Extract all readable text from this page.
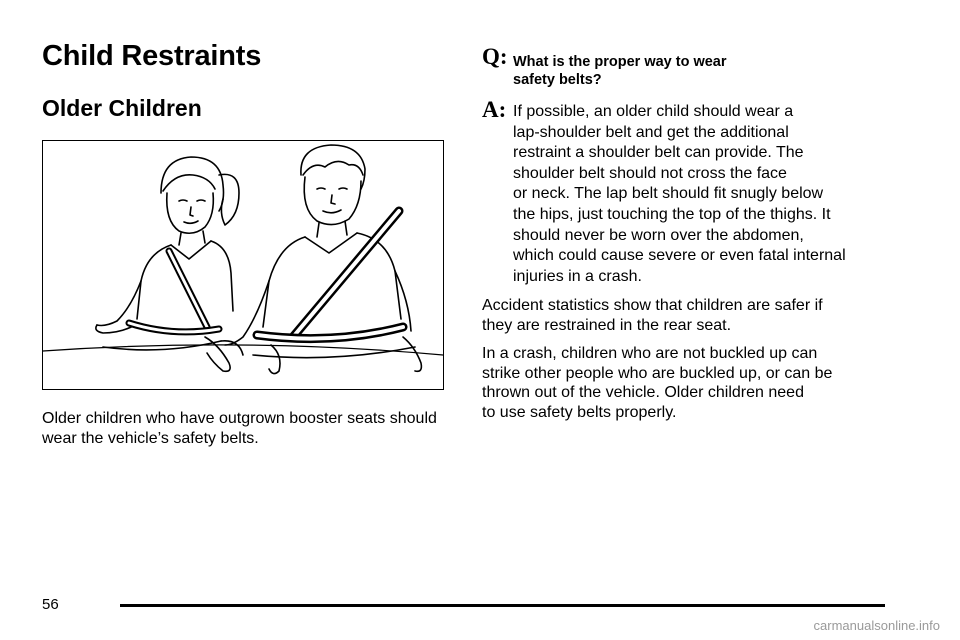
Child Restraints
Older Children

Older children who have outgrown booster seats should wear the vehicle’s safety belts.

Q: What is the proper way to wear
safety belts?

A: If possible, an older child should wear a
lap-shoulder belt and get the additional
restraint a shoulder belt can provide. The
shoulder belt should not cross the face
or neck. The lap belt should fit snugly below
the hips, just touching the top of the thighs. It
should never be worn over the abdomen,
which could cause severe or even fatal internal
injuries in a crash.

Accident statistics show that children are safer if
they are restrained in the rear seat.

In a crash, children who are not buckled up can
strike other people who are buckled up, or can be
thrown out of the vehicle. Older children need
to use safety belts properly.

56
carmanualsonline.info
